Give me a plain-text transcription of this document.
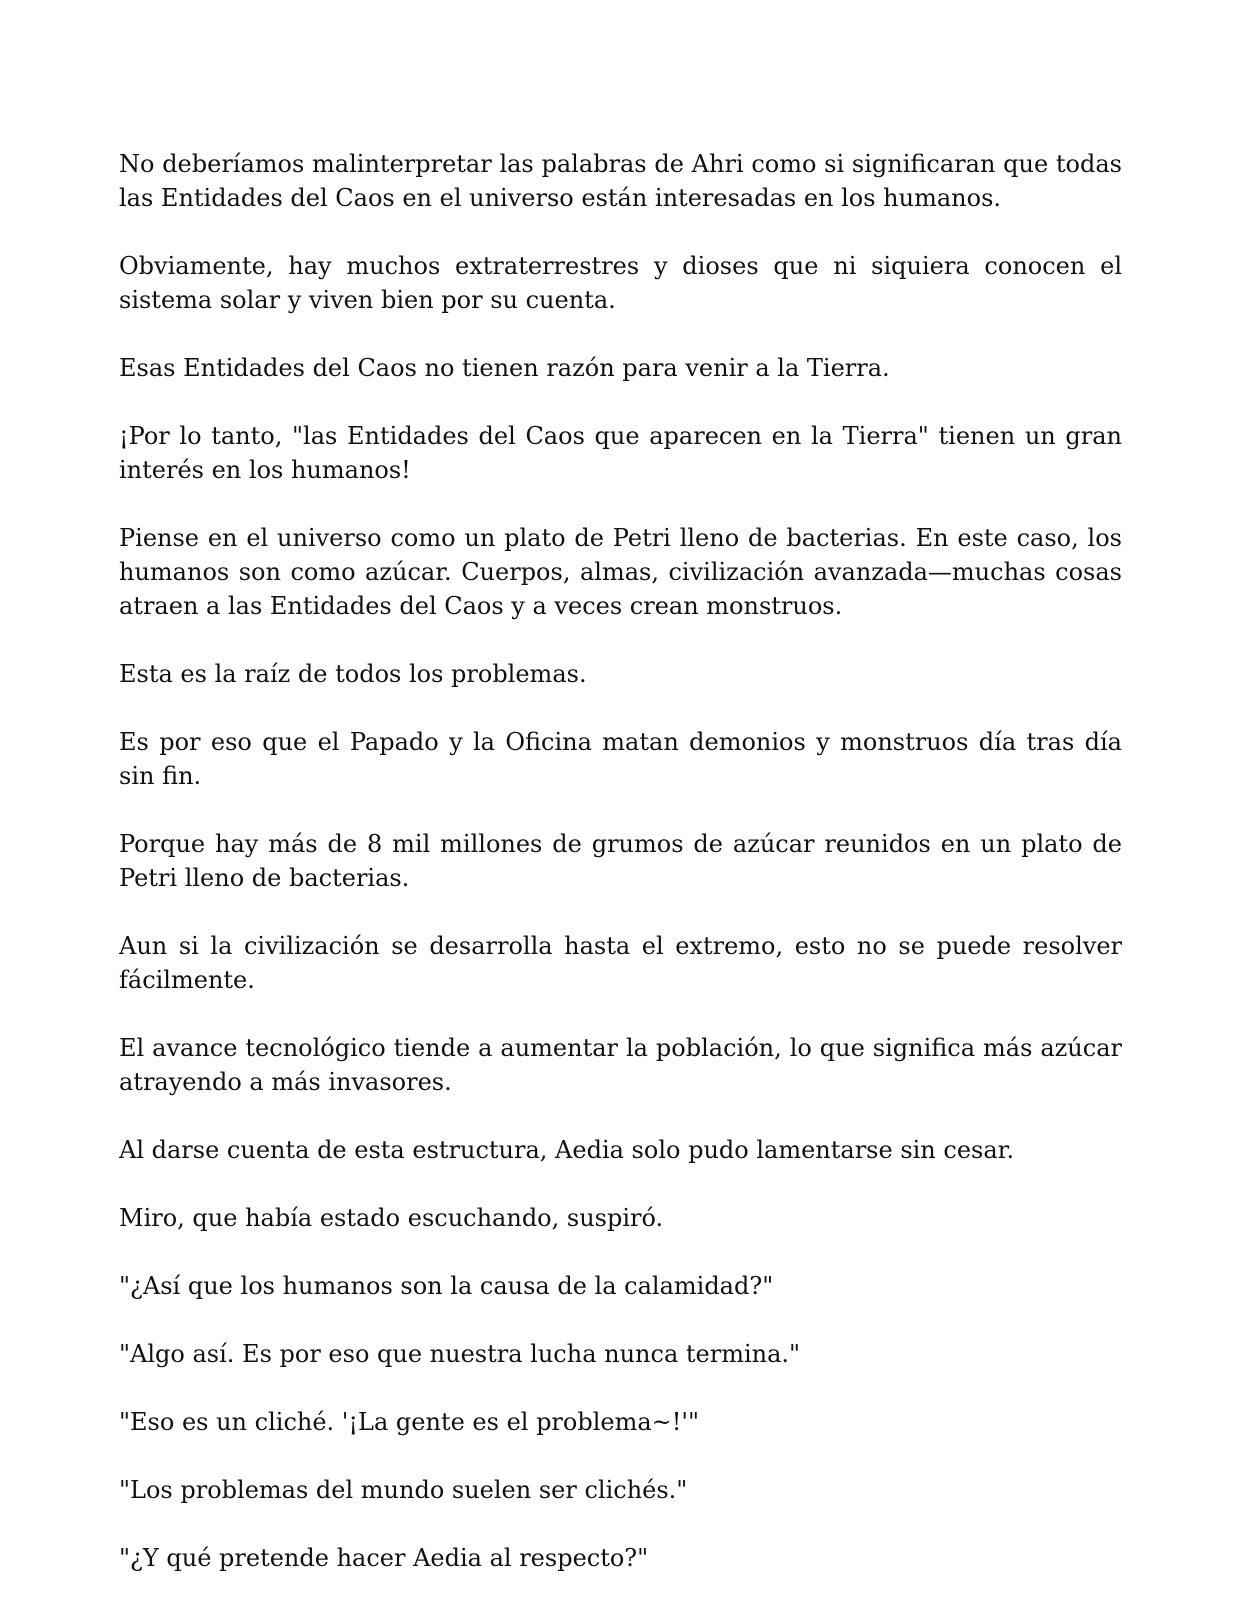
No deberíamos malinterpretar las palabras de Ahri como si significaran que todas las Entidades del Caos en el universo están interesadas en los humanos.

Obviamente, hay muchos extraterrestres y dioses que ni siquiera conocen el sistema solar y viven bien por su cuenta.

Esas Entidades del Caos no tienen razón para venir a la Tierra.

¡Por lo tanto, "las Entidades del Caos que aparecen en la Tierra" tienen un gran interés en los humanos!

Piense en el universo como un plato de Petri lleno de bacterias. En este caso, los humanos son como azúcar. Cuerpos, almas, civilización avanzada—muchas cosas atraen a las Entidades del Caos y a veces crean monstruos.

Esta es la raíz de todos los problemas.

Es por eso que el Papado y la Oficina matan demonios y monstruos día tras día sin fin.

Porque hay más de 8 mil millones de grumos de azúcar reunidos en un plato de Petri lleno de bacterias.

Aun si la civilización se desarrolla hasta el extremo, esto no se puede resolver fácilmente.

El avance tecnológico tiende a aumentar la población, lo que significa más azúcar atrayendo a más invasores.

Al darse cuenta de esta estructura, Aedia solo pudo lamentarse sin cesar.

Miro, que había estado escuchando, suspiró.

"¿Así que los humanos son la causa de la calamidad?"

"Algo así. Es por eso que nuestra lucha nunca termina."

"Eso es un cliché. '¡La gente es el problema~!'"

"Los problemas del mundo suelen ser clichés."

"¿Y qué pretende hacer Aedia al respecto?"
